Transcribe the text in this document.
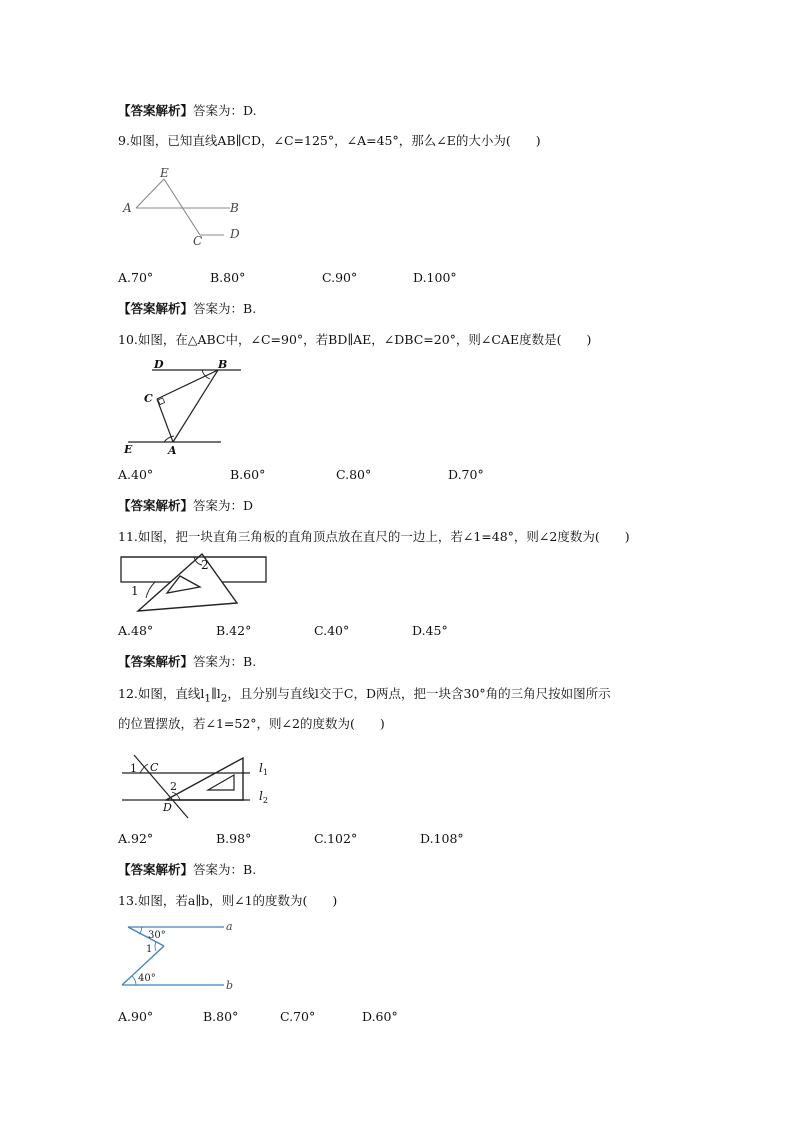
【答案解析】答案为：D.
9.如图，已知直线AB∥CD，∠C=125°，∠A=45°，那么∠E的大小为(　　)
E
A	B
C D
A.70°	B.80°	C.90°	D.100°
【答案解析】答案为：B.
10.如图，在△ABC中，∠C=90°，若BD∥AE，∠DBC=20°，则∠CAE度数是(　　)
D	B
C
E	A
A.40°	B.60°	C.80°	D.70°
【答案解析】答案为：D
11.如图，把一块直角三角板的直角顶点放在直尺的一边上，若∠1=48°，则∠2度数为(　　)
1
2
A.48°	B.42°	C.40°	D.45°
【答案解析】答案为：B.
12.如图，直线$l_1\parallel l_2$，且分别与直线l交于C，D两点，把一块含30°角的三角尺按如图所示
的位置摆放，若∠1=52°，则∠2的度数为(　　)
1 C
2
D
$l_1$
$l_2$
A.92°	B.98°	C.102°	D.108°
【答案解析】答案为：B.
13.如图，若a∥b，则∠1的度数为(　　)
a
b
30°
1
40°
A.90°	B.80°	C.70°	D.60°
